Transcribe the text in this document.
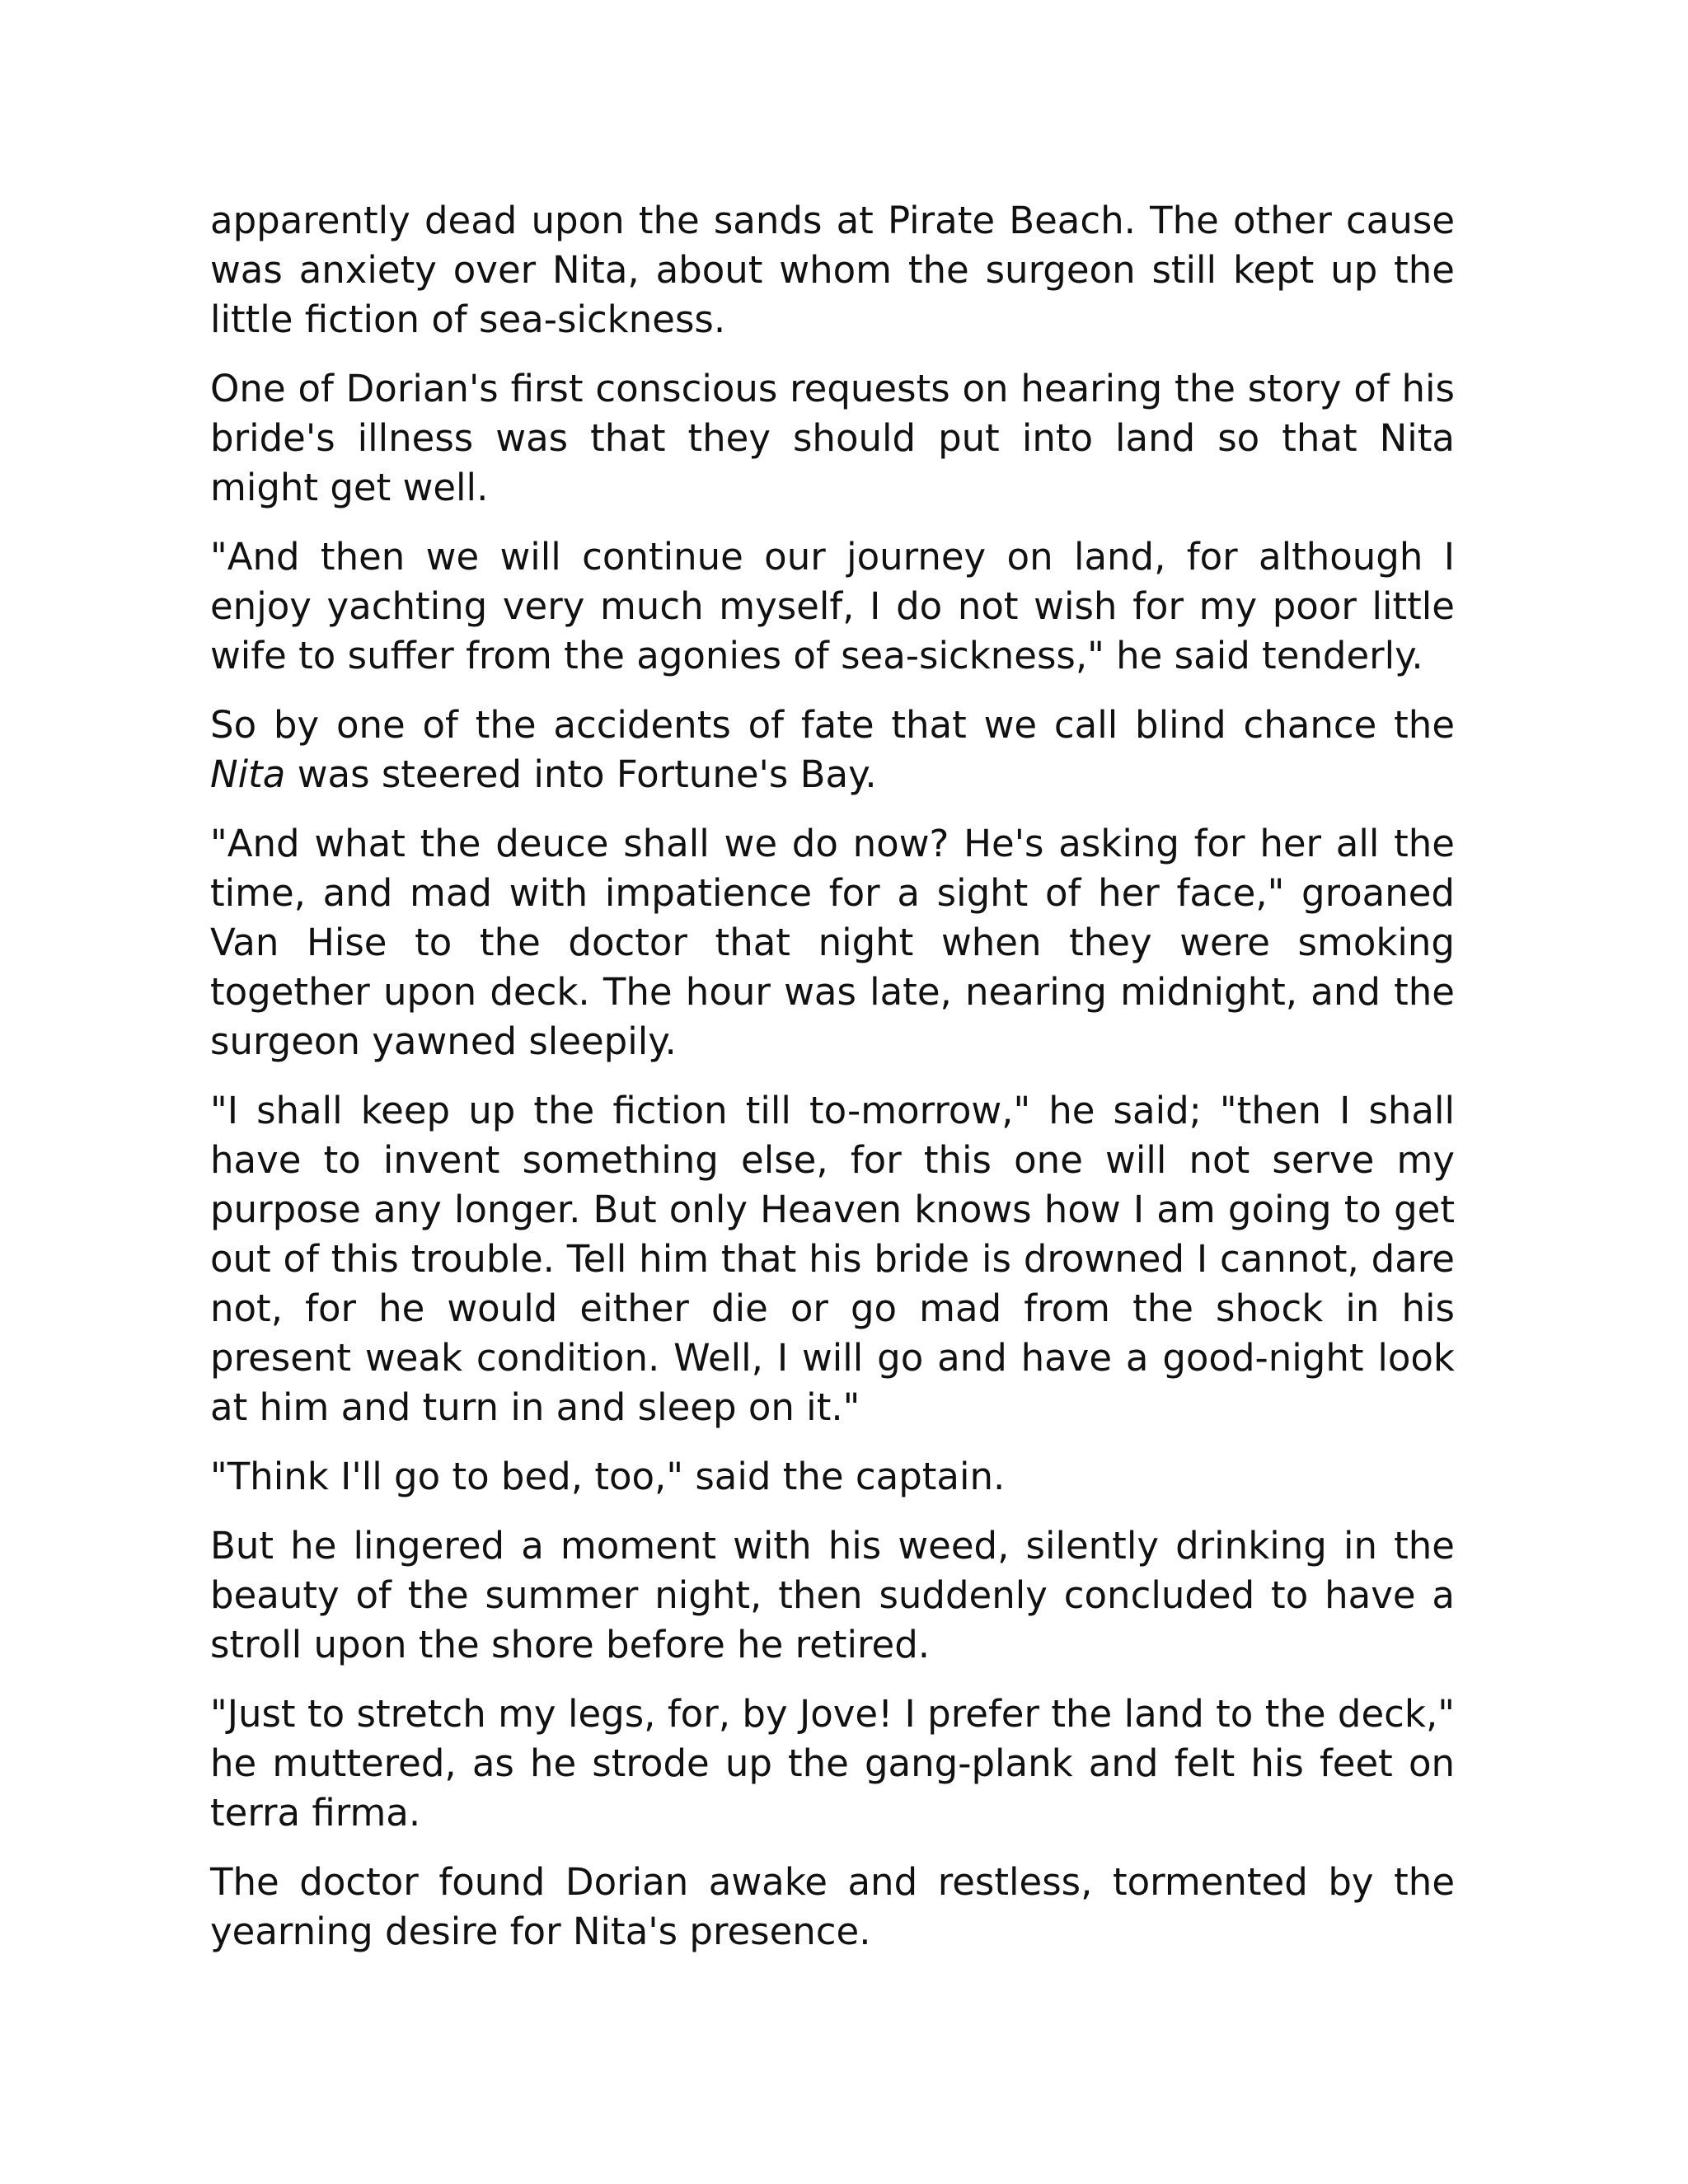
apparently dead upon the sands at Pirate Beach. The other cause was anxiety over Nita, about whom the surgeon still kept up the little fiction of sea-sickness.

One of Dorian's first conscious requests on hearing the story of his bride's illness was that they should put into land so that Nita might get well.

"And then we will continue our journey on land, for although I enjoy yachting very much myself, I do not wish for my poor little wife to suffer from the agonies of sea-sickness," he said tenderly.

So by one of the accidents of fate that we call blind chance the Nita was steered into Fortune's Bay.

"And what the deuce shall we do now? He's asking for her all the time, and mad with impatience for a sight of her face," groaned Van Hise to the doctor that night when they were smoking together upon deck. The hour was late, nearing midnight, and the surgeon yawned sleepily.

"I shall keep up the fiction till to-morrow," he said; "then I shall have to invent something else, for this one will not serve my purpose any longer. But only Heaven knows how I am going to get out of this trouble. Tell him that his bride is drowned I cannot, dare not, for he would either die or go mad from the shock in his present weak condition. Well, I will go and have a good-night look at him and turn in and sleep on it."

"Think I'll go to bed, too," said the captain.

But he lingered a moment with his weed, silently drinking in the beauty of the summer night, then suddenly concluded to have a stroll upon the shore before he retired.

"Just to stretch my legs, for, by Jove! I prefer the land to the deck," he muttered, as he strode up the gang-plank and felt his feet on terra firma.

The doctor found Dorian awake and restless, tormented by the yearning desire for Nita's presence.
